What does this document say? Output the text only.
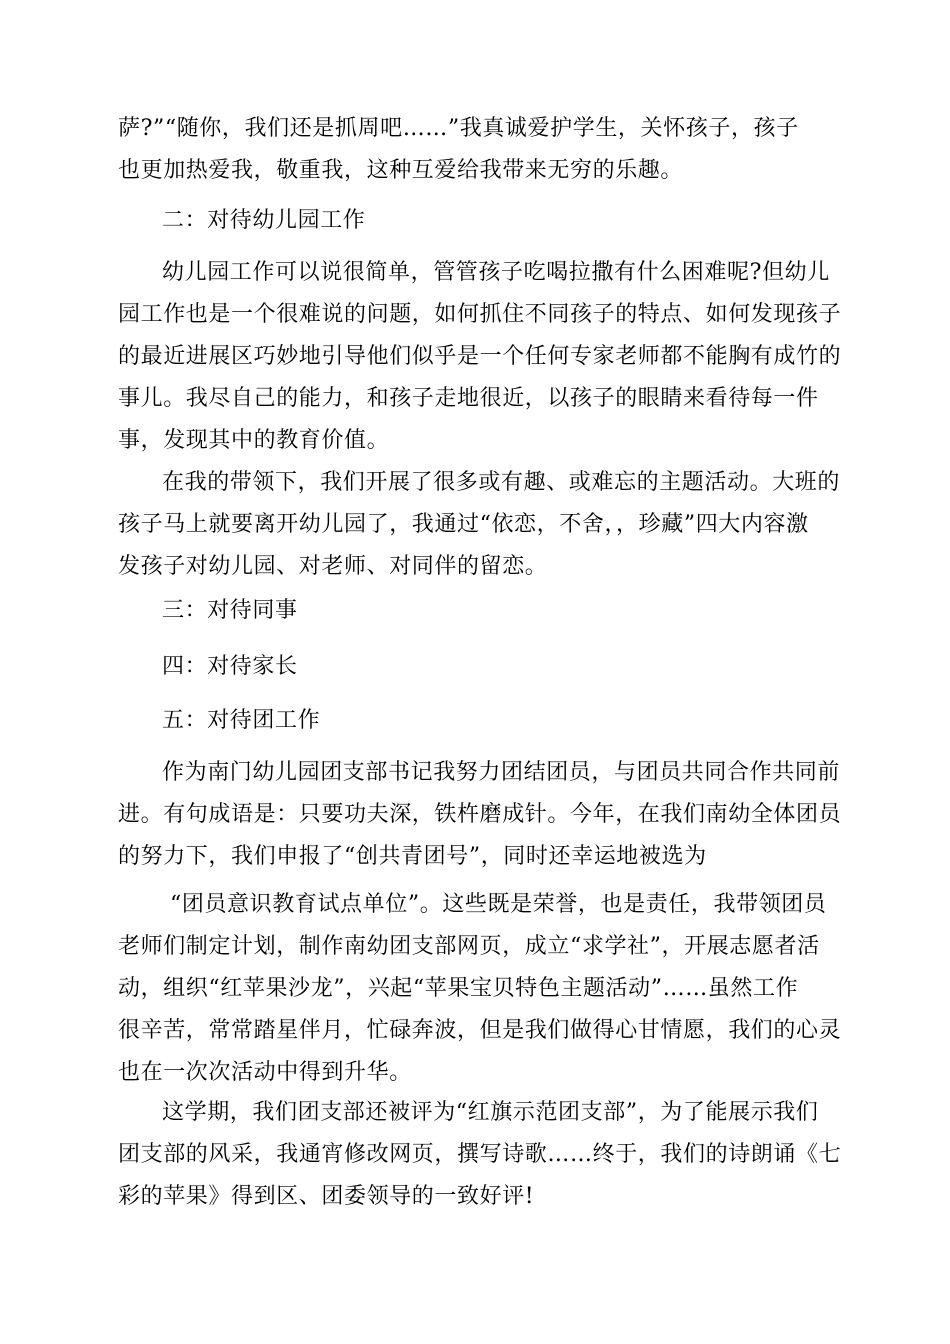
萨?”“随你，我们还是抓周吧……”我真诚爱护学生，关怀孩子，孩子
也更加热爱我，敬重我，这种互爱给我带来无穷的乐趣。

二：对待幼儿园工作

幼儿园工作可以说很简单，管管孩子吃喝拉撒有什么困难呢?但幼儿
园工作也是一个很难说的问题，如何抓住不同孩子的特点、如何发现孩子
的最近进展区巧妙地引导他们似乎是一个任何专家老师都不能胸有成竹的
事儿。我尽自己的能力，和孩子走地很近，以孩子的眼睛来看待每一件
事，发现其中的教育价值。

在我的带领下，我们开展了很多或有趣、或难忘的主题活动。大班的
孩子马上就要离开幼儿园了，我通过“依恋，不舍，，珍藏”四大内容激
发孩子对幼儿园、对老师、对同伴的留恋。

三：对待同事

四：对待家长

五：对待团工作

作为南门幼儿园团支部书记我努力团结团员，与团员共同合作共同前
进。有句成语是：只要功夫深，铁杵磨成针。今年，在我们南幼全体团员
的努力下，我们申报了“创共青团号”，同时还幸运地被选为

“团员意识教育试点单位”。这些既是荣誉，也是责任，我带领团员
老师们制定计划，制作南幼团支部网页，成立“求学社”，开展志愿者活
动，组织“红苹果沙龙”，兴起“苹果宝贝特色主题活动”……虽然工作
很辛苦，常常踏星伴月，忙碌奔波，但是我们做得心甘情愿，我们的心灵
也在一次次活动中得到升华。

这学期，我们团支部还被评为“红旗示范团支部”，为了能展示我们
团支部的风采，我通宵修改网页，撰写诗歌……终于，我们的诗朗诵《七
彩的苹果》得到区、团委领导的一致好评!
